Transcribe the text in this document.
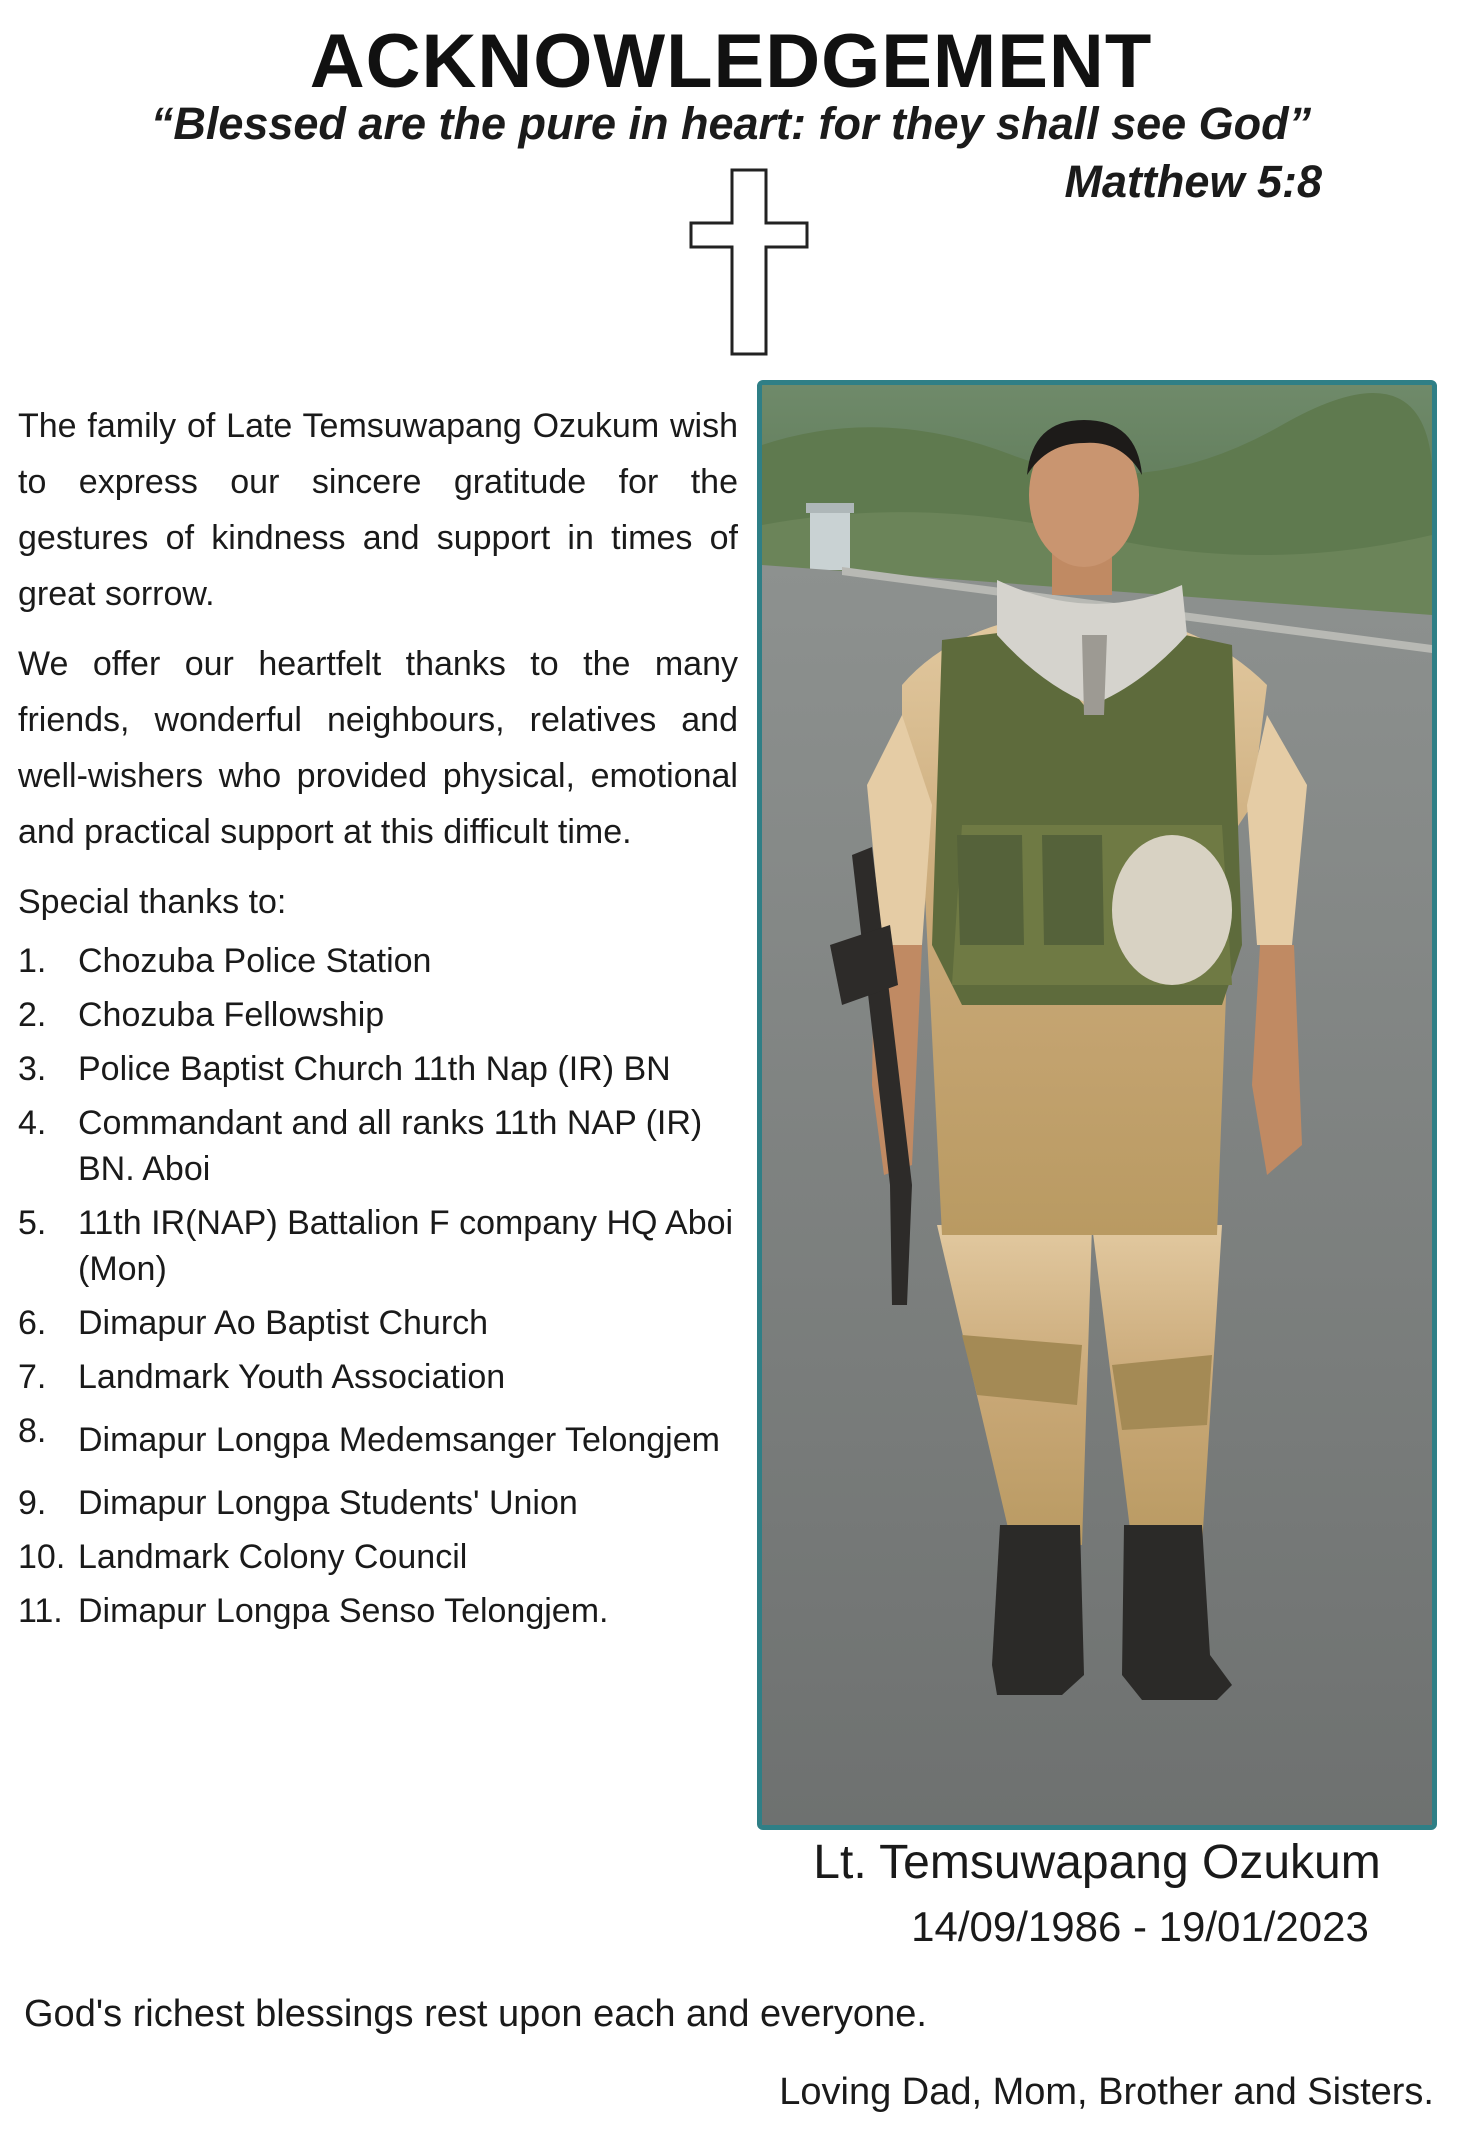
ACKNOWLEDGEMENT
“Blessed are the pure in heart: for they shall see God”
Matthew 5:8

The family of Late Temsuwapang Ozukum wish to express our sincere gratitude for the gestures of kindness and support in times of great sorrow.

We offer our heartfelt thanks to the many friends, wonderful neighbours, relatives and well-wishers who provided physical, emotional and practical support at this difficult time.

Special thanks to:

1. Chozuba Police Station
2. Chozuba Fellowship
3. Police Baptist Church 11th Nap (IR) BN
4. Commandant and all ranks 11th NAP (IR) BN. Aboi
5. 11th IR(NAP) Battalion F company HQ Aboi (Mon)
6. Dimapur Ao Baptist Church
7. Landmark Youth Association
8. Dimapur Longpa Medemsanger Telongjem
9. Dimapur Longpa Students' Union
10. Landmark Colony Council
11. Dimapur Longpa Senso Telongjem.
Lt. Temsuwapang Ozukum
14/09/1986 - 19/01/2023
God's richest blessings rest upon each and everyone.
Loving Dad, Mom, Brother and Sisters.
